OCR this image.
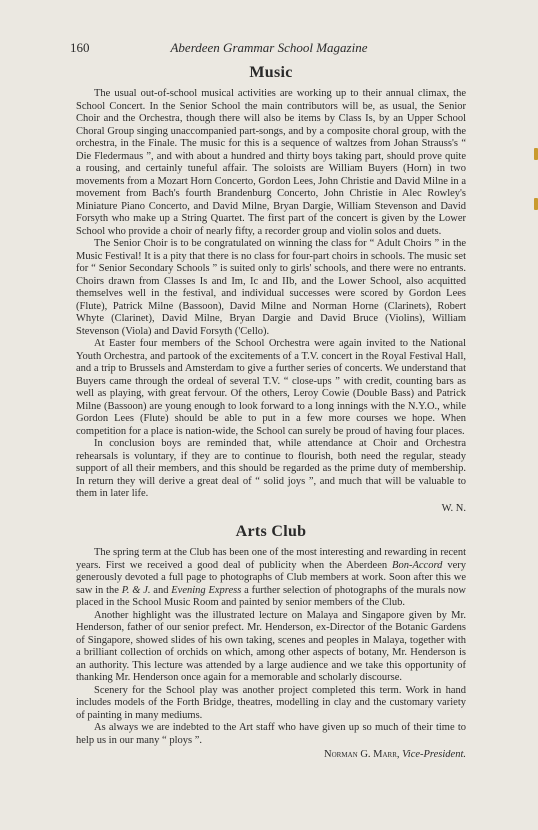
160	Aberdeen Grammar School Magazine
Music

The usual out-of-school musical activities are working up to their annual climax, the School Concert. In the Senior School the main contributors will be, as usual, the Senior Choir and the Orchestra, though there will also be items by Class Is, by an Upper School Choral Group singing unaccompanied part-songs, and by a composite choral group, with the orchestra, in the Finale. The music for this is a sequence of waltzes from Johan Strauss's “ Die Fledermaus ”, and with about a hundred and thirty boys taking part, should prove quite a rousing, and certainly tuneful affair. The soloists are William Buyers (Horn) in two movements from a Mozart Horn Concerto, Gordon Lees, John Christie and David Milne in a movement from Bach's fourth Brandenburg Concerto, John Christie in Alec Rowley's Miniature Piano Concerto, and David Milne, Bryan Dargie, William Stevenson and David Forsyth who make up a String Quartet. The first part of the concert is given by the Lower School who provide a choir of nearly fifty, a recorder group and violin solos and duets.

The Senior Choir is to be congratulated on winning the class for “ Adult Choirs ” in the Music Festival! It is a pity that there is no class for four-part choirs in schools. The music set for “ Senior Secondary Schools ” is suited only to girls' schools, and there were no entrants. Choirs drawn from Classes Is and Im, Ic and IIb, and the Lower School, also acquitted themselves well in the festival, and individual successes were scored by Gordon Lees (Flute), Patrick Milne (Bassoon), David Milne and Norman Horne (Clarinets), Robert Whyte (Clarinet), David Milne, Bryan Dargie and David Bruce (Violins), William Stevenson (Viola) and David Forsyth ('Cello).

At Easter four members of the School Orchestra were again invited to the National Youth Orchestra, and partook of the excitements of a T.V. concert in the Royal Festival Hall, and a trip to Brussels and Amsterdam to give a further series of concerts. We understand that Buyers came through the ordeal of several T.V. “ close-ups ” with credit, counting bars as well as playing, with great fervour. Of the others, Leroy Cowie (Double Bass) and Patrick Milne (Bassoon) are young enough to look forward to a long innings with the N.Y.O., while Gordon Lees (Flute) should be able to put in a few more courses we hope. When competition for a place is nation-wide, the School can surely be proud of having four places.

In conclusion boys are reminded that, while attendance at Choir and Orchestra rehearsals is voluntary, if they are to continue to flourish, both need the regular, steady support of all their members, and this should be regarded as the prime duty of membership. In return they will derive a great deal of “ solid joys ”, and much that will be valuable to them in later life.

W. N.
Arts Club

The spring term at the Club has been one of the most interesting and rewarding in recent years. First we received a good deal of publicity when the Aberdeen Bon-Accord very generously devoted a full page to photographs of Club members at work. Soon after this we saw in the P. & J. and Evening Express a further selection of photographs of the murals now placed in the School Music Room and painted by senior members of the Club.

Another highlight was the illustrated lecture on Malaya and Singapore given by Mr. Henderson, father of our senior prefect. Mr. Henderson, ex-Director of the Botanic Gardens of Singapore, showed slides of his own taking, scenes and peoples in Malaya, together with a brilliant collection of orchids on which, among other aspects of botany, Mr. Henderson is an authority. This lecture was attended by a large audience and we take this opportunity of thanking Mr. Henderson once again for a memorable and scholarly discourse.

Scenery for the School play was another project completed this term. Work in hand includes models of the Forth Bridge, theatres, modelling in clay and the customary variety of painting in many mediums.

As always we are indebted to the Art staff who have given up so much of their time to help us in our many “ ploys ”.

Norman G. Marr, Vice-President.
